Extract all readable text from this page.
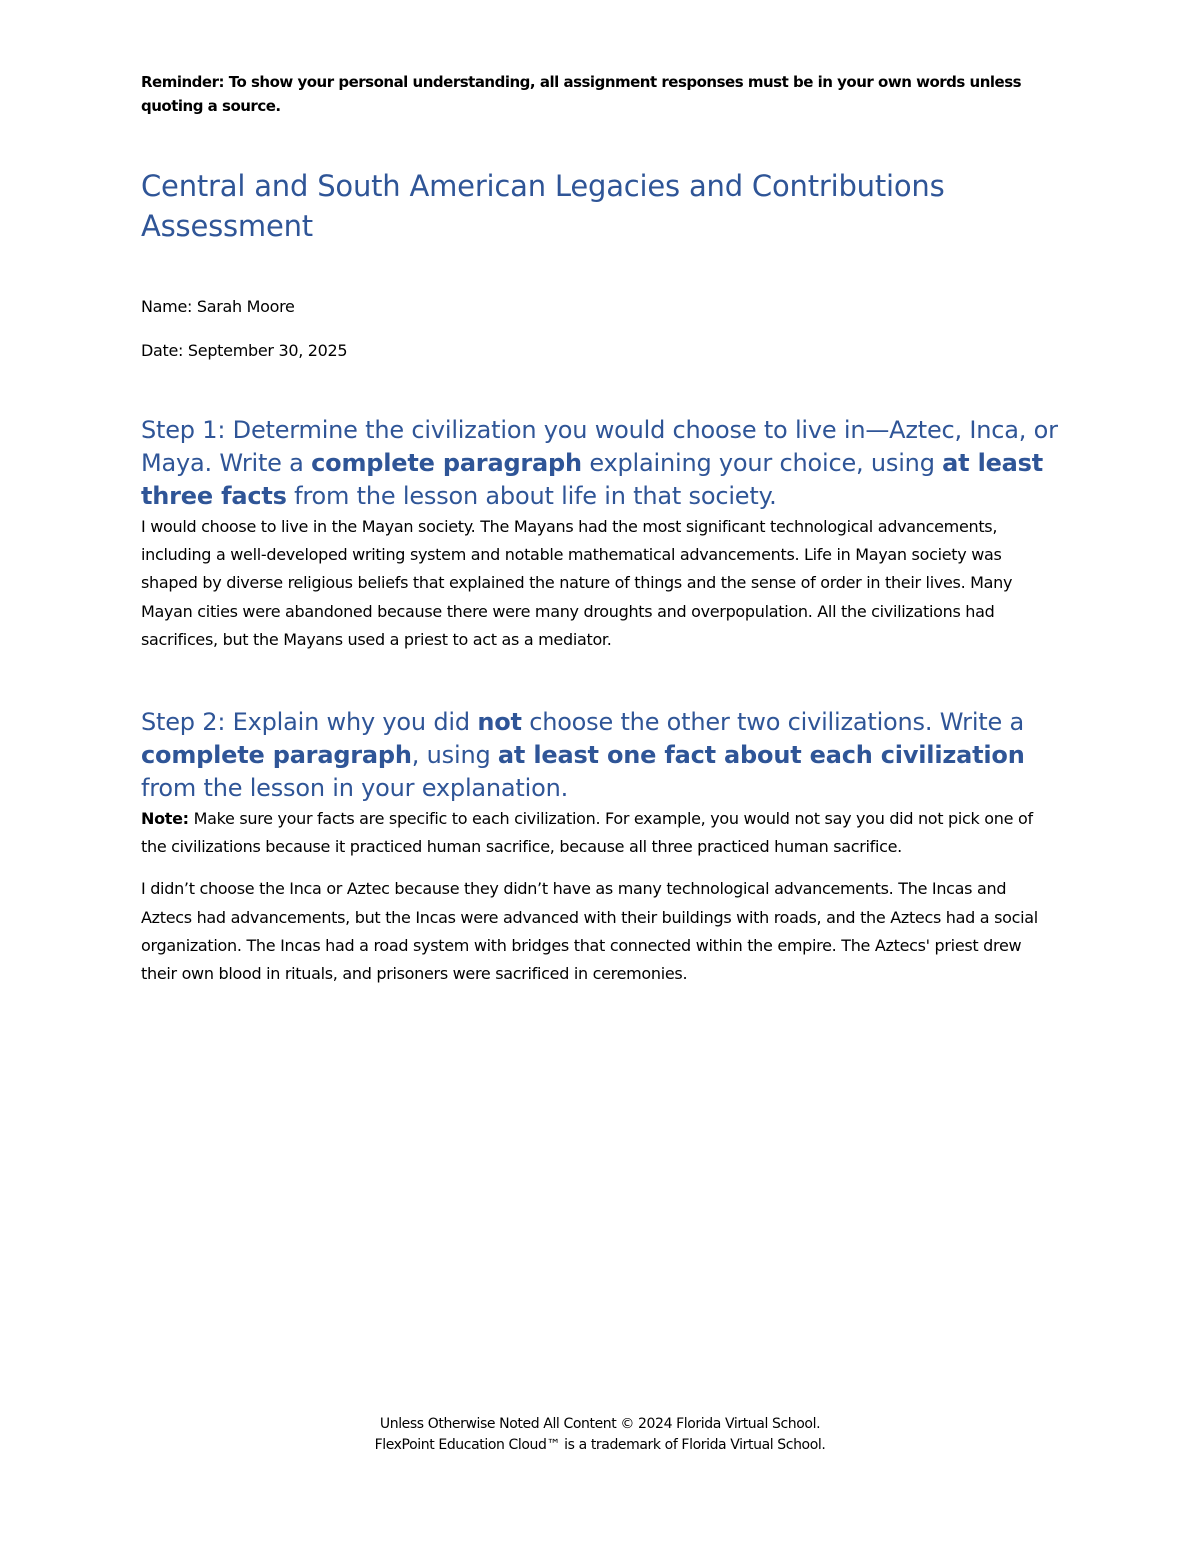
Reminder: To show your personal understanding, all assignment responses must be in your own words unless quoting a source.

Central and South American Legacies and Contributions Assessment

Name: Sarah Moore

Date: September 30, 2025

Step 1: Determine the civilization you would choose to live in—Aztec, Inca, or Maya. Write a complete paragraph explaining your choice, using at least three facts from the lesson about life in that society.

I would choose to live in the Mayan society. The Mayans had the most significant technological advancements, including a well-developed writing system and notable mathematical advancements. Life in Mayan society was shaped by diverse religious beliefs that explained the nature of things and the sense of order in their lives. Many Mayan cities were abandoned because there were many droughts and overpopulation. All the civilizations had sacrifices, but the Mayans used a priest to act as a mediator.

Step 2: Explain why you did not choose the other two civilizations. Write a complete paragraph, using at least one fact about each civilization from the lesson in your explanation.

Note: Make sure your facts are specific to each civilization. For example, you would not say you did not pick one of the civilizations because it practiced human sacrifice, because all three practiced human sacrifice.

I didn’t choose the Inca or Aztec because they didn’t have as many technological advancements. The Incas and Aztecs had advancements, but the Incas were advanced with their buildings with roads, and the Aztecs had a social organization. The Incas had a road system with bridges that connected within the empire. The Aztecs' priest drew their own blood in rituals, and prisoners were sacrificed in ceremonies.

Unless Otherwise Noted All Content © 2024 Florida Virtual School.

FlexPoint Education Cloud™ is a trademark of Florida Virtual School.
